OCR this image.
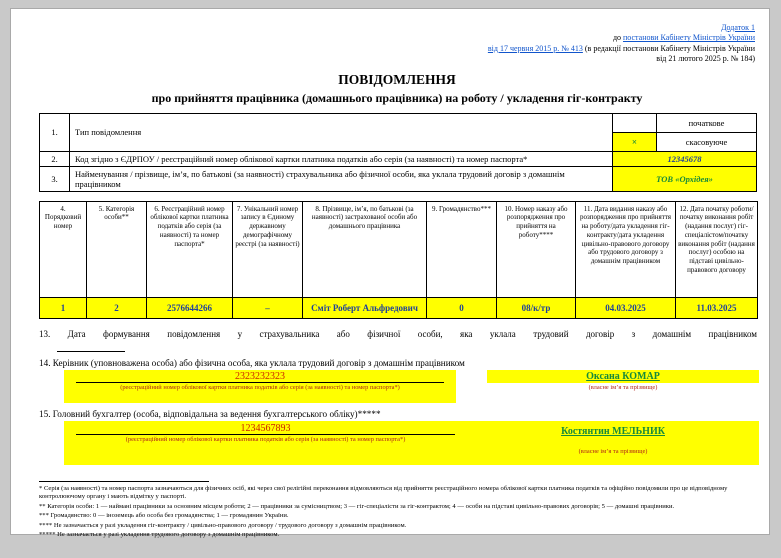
Додаток 1
до постанови Кабінету Міністрів України
від 17 червня 2015 р. № 413 (в редакції постанови Кабінету Міністрів України
від 21 лютого 2025 р. № 184)
ПОВІДОМЛЕННЯ
про прийняття працівника (домашнього працівника) на роботу / укладення гіг-контракту
1.	Тип повідомлення		початкове
		×	скасовуюче
2.	Код згідно з ЄДРПОУ / реєстраційний номер облікової картки платника податків або серія (за наявності) та номер паспорта*	12345678	
3.	Найменування / прізвище, ім’я, по батькові (за наявності) страхувальника або фізичної особи, яка уклала трудовий договір з домашнім працівником	ТОВ «Орхідея»	
4. Порядковий номер	5. Категорія особи**	6. Реєстраційний номер облікової картки платника податків або серія (за наявності) та номер паспорта*	7. Унікальний номер запису в Єдиному державному демографічному реєстрі (за наявності)	8. Прізвище, ім’я, по батькові (за наявності) застрахованої особи або домашнього працівника	9. Громадянство***	10. Номер наказу або розпорядження про прийняття на роботу****	11. Дата видання наказу або розпорядження про прийняття на роботу/дата укладення гіг-контракту/дата укладення цивільно-правового договору або трудового договору з домашнім працівником	12. Дата початку роботи/початку виконання робіт (надання послуг) гіг-спеціалістом/початку виконання робіт (надання послуг) особою на підставі цивільно-правового договору
1	2	2576644266	–	Сміт Роберт Альфредович	0	08/к/тр	04.03.2025	11.03.2025
13. Дата формування повідомлення у страхувальника або фізичної особи, яка уклала трудовий договір з домашнім працівником
14. Керівник (уповноважена особа) або фізична особа, яка уклала трудовий договір з домашнім працівником
2323232323
(реєстраційний номер облікової картки платника податків або серія (за наявності) та номер паспорта*)
Оксана КОМАР
(власне ім’я та прізвище)
15. Головний бухгалтер (особа, відповідальна за ведення бухгалтерського обліку)*****
1234567893
(реєстраційний номер облікової картки платника податків або серія (за наявності) та номер паспорта*)
Костянтин МЕЛЬНИК
(власне ім’я та прізвище)
* Серія (за наявності) та номер паспорта зазначаються для фізичних осіб, які через свої релігійні переконання відмовляються від прийняття реєстраційного номера облікової картки платника податків та офіційно повідомили про це відповідному контролюючому органу і мають відмітку у паспорті.
** Категорія особи: 1 — наймані працівники за основним місцем роботи; 2 — працівники за сумісництвом; 3 — гіг-спеціалісти за гіг-контрактом; 4 — особи на підставі цивільно-правових договорів; 5 — домашні працівники.
*** Громадянство: 0 — іноземець або особа без громадянства; 1 — громадянин України.
**** Не зазначається у разі укладення гіг-контракту / цивільно-правового договору / трудового договору з домашнім працівником.
***** Не зазначається у разі укладення трудового договору з домашнім працівником.
